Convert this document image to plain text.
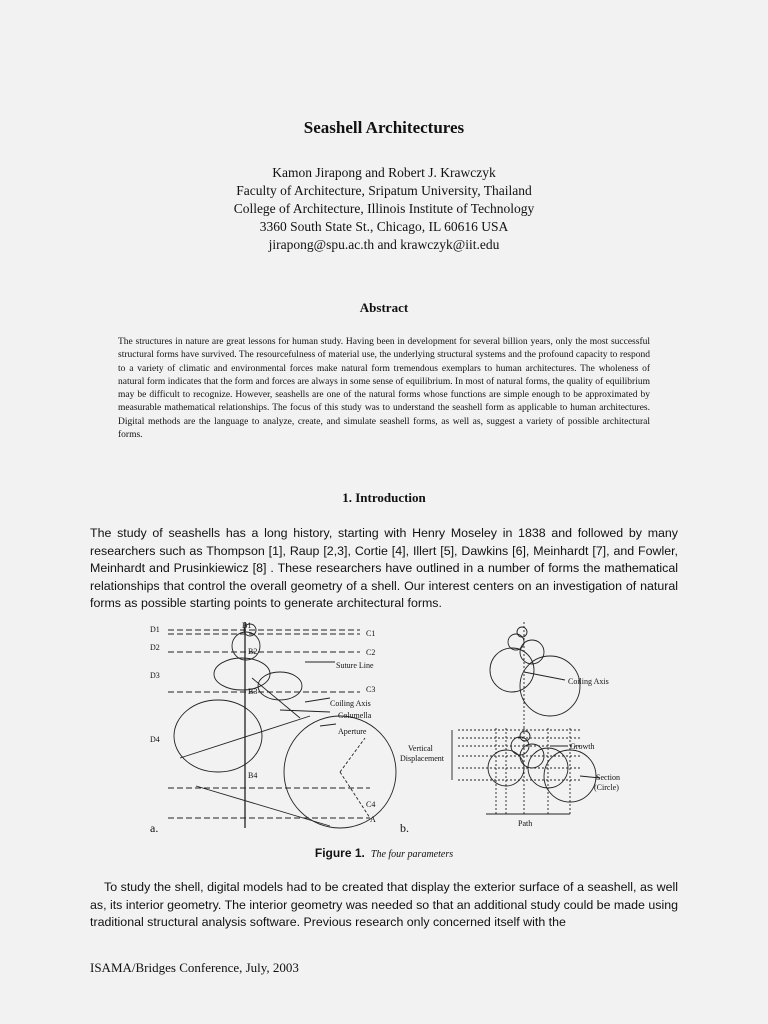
Seashell Architectures
Kamon Jirapong and Robert J. Krawczyk
Faculty of Architecture, Sripatum University, Thailand
College of Architecture, Illinois Institute of Technology
3360 South State St., Chicago, IL 60616 USA
jirapong@spu.ac.th and krawczyk@iit.edu
Abstract

The structures in nature are great lessons for human study. Having been in development for several billion years, only the most successful structural forms have survived. The resourcefulness of material use, the underlying structural systems and the profound capacity to respond to a variety of climatic and environmental forces make natural form tremendous exemplars to human architectures. The wholeness of natural form indicates that the form and forces are always in some sense of equilibrium. In most of natural forms, the quality of equilibrium may be difficult to recognize. However, seashells are one of the natural forms whose functions are simple enough to be approximated by measurable mathematical relationships. The focus of this study was to understand the seashell form as applicable to human architectures. Digital methods are the language to analyze, create, and simulate seashell forms, as well as, suggest a variety of possible architectural forms.

1. Introduction
The study of seashells has a long history, starting with Henry Moseley in 1838 and followed by many researchers such as Thompson [1], Raup [2,3], Cortie [4], Illert [5], Dawkins [6], Meinhardt [7], and Fowler, Meinhardt and Prusinkiewicz [8] . These researchers have outlined in a number of forms the mathematical relationships that control the overall geometry of a shell. Our interest centers on an investigation of natural forms as possible starting points to generate architectural forms.
D1
D2
D3
D4
C1
C2
C3
C4
B1
B2
B3
B4
Suture Line
Coiling Axis
Columella
Aperture
A
a.
Coiling Axis
Growth
Vertical
Displacement
Section
(Circle)
Path
b.
Figure 1. The four parameters
To study the shell, digital models had to be created that display the exterior surface of a seashell, as well as, its interior geometry. The interior geometry was needed so that an additional study could be made using traditional structural analysis software. Previous research only concerned itself with the
ISAMA/Bridges Conference, July, 2003
